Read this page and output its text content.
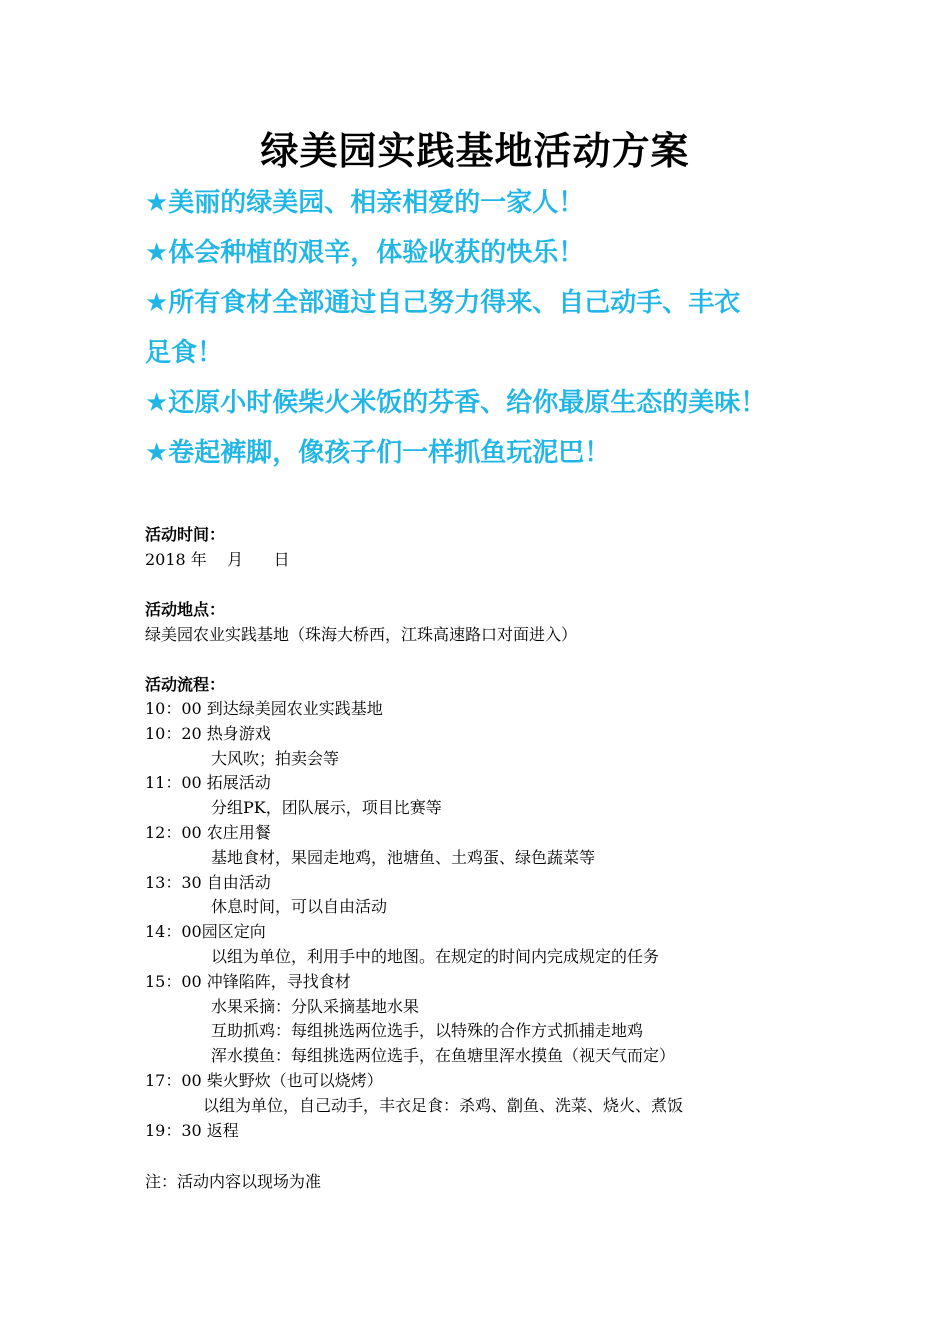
绿美园实践基地活动方案

★美丽的绿美园、相亲相爱的一家人！

★体会种植的艰辛，体验收获的快乐！

★所有食材全部通过自己努力得来、自己动手、丰衣

足食！

★还原小时候柴火米饭的芬香、给你最原生态的美味！

★卷起裤脚，像孩子们一样抓鱼玩泥巴！

活动时间：

2018 年    月      日

活动地点：

绿美园农业实践基地（珠海大桥西，江珠高速路口对面进入）

活动流程：

10：00 到达绿美园农业实践基地

10：20 热身游戏

大风吹；拍卖会等

11：00 拓展活动

分组PK，团队展示，项目比赛等

12：00 农庄用餐

基地食材，果园走地鸡，池塘鱼、土鸡蛋、绿色蔬菜等

13：30 自由活动

休息时间，可以自由活动

14：00园区定向

以组为单位，利用手中的地图。在规定的时间内完成规定的任务

15：00 冲锋陷阵，寻找食材

水果采摘：分队采摘基地水果

互助抓鸡：每组挑选两位选手，以特殊的合作方式抓捕走地鸡

浑水摸鱼：每组挑选两位选手，在鱼塘里浑水摸鱼（视天气而定）

17：00 柴火野炊（也可以烧烤）

以组为单位，自己动手，丰衣足食：杀鸡、劏鱼、洗菜、烧火、煮饭

19：30 返程

注：活动内容以现场为准
